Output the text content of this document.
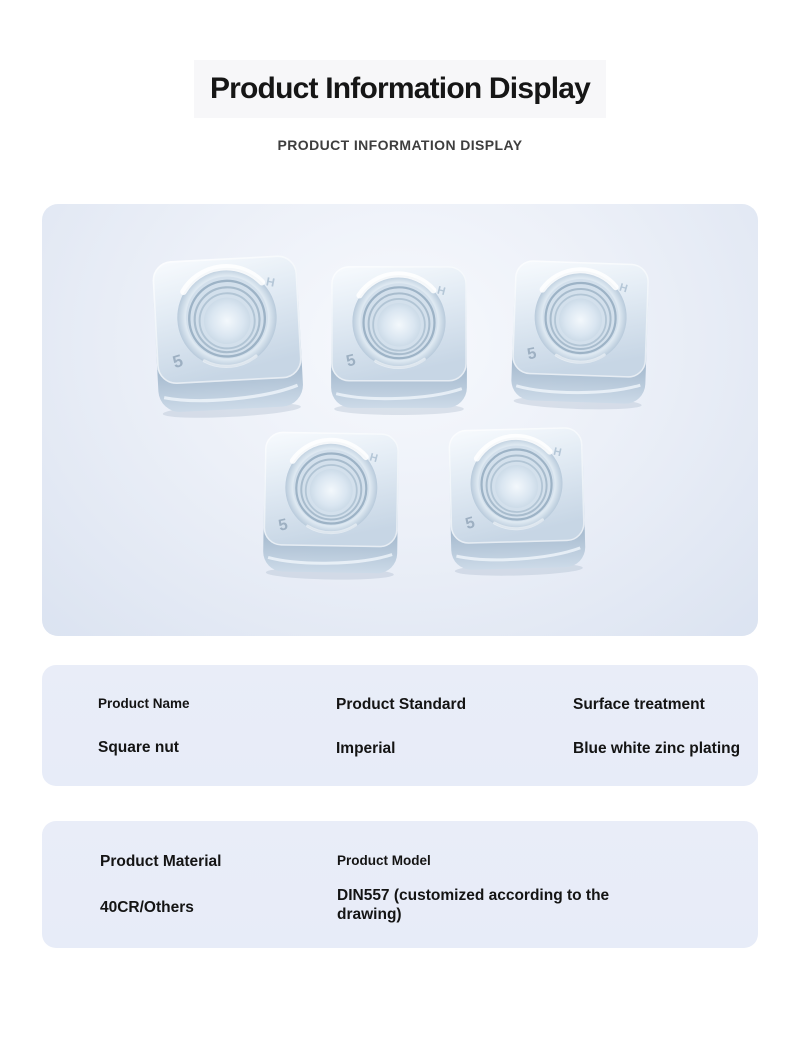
Product Information Display
PRODUCT INFORMATION DISPLAY
Product Name
Square nut
Product Standard
Imperial
Surface treatment
Blue white zinc plating
Product Material
40CR/Others
Product Model
DIN557 (customized according to the drawing)
